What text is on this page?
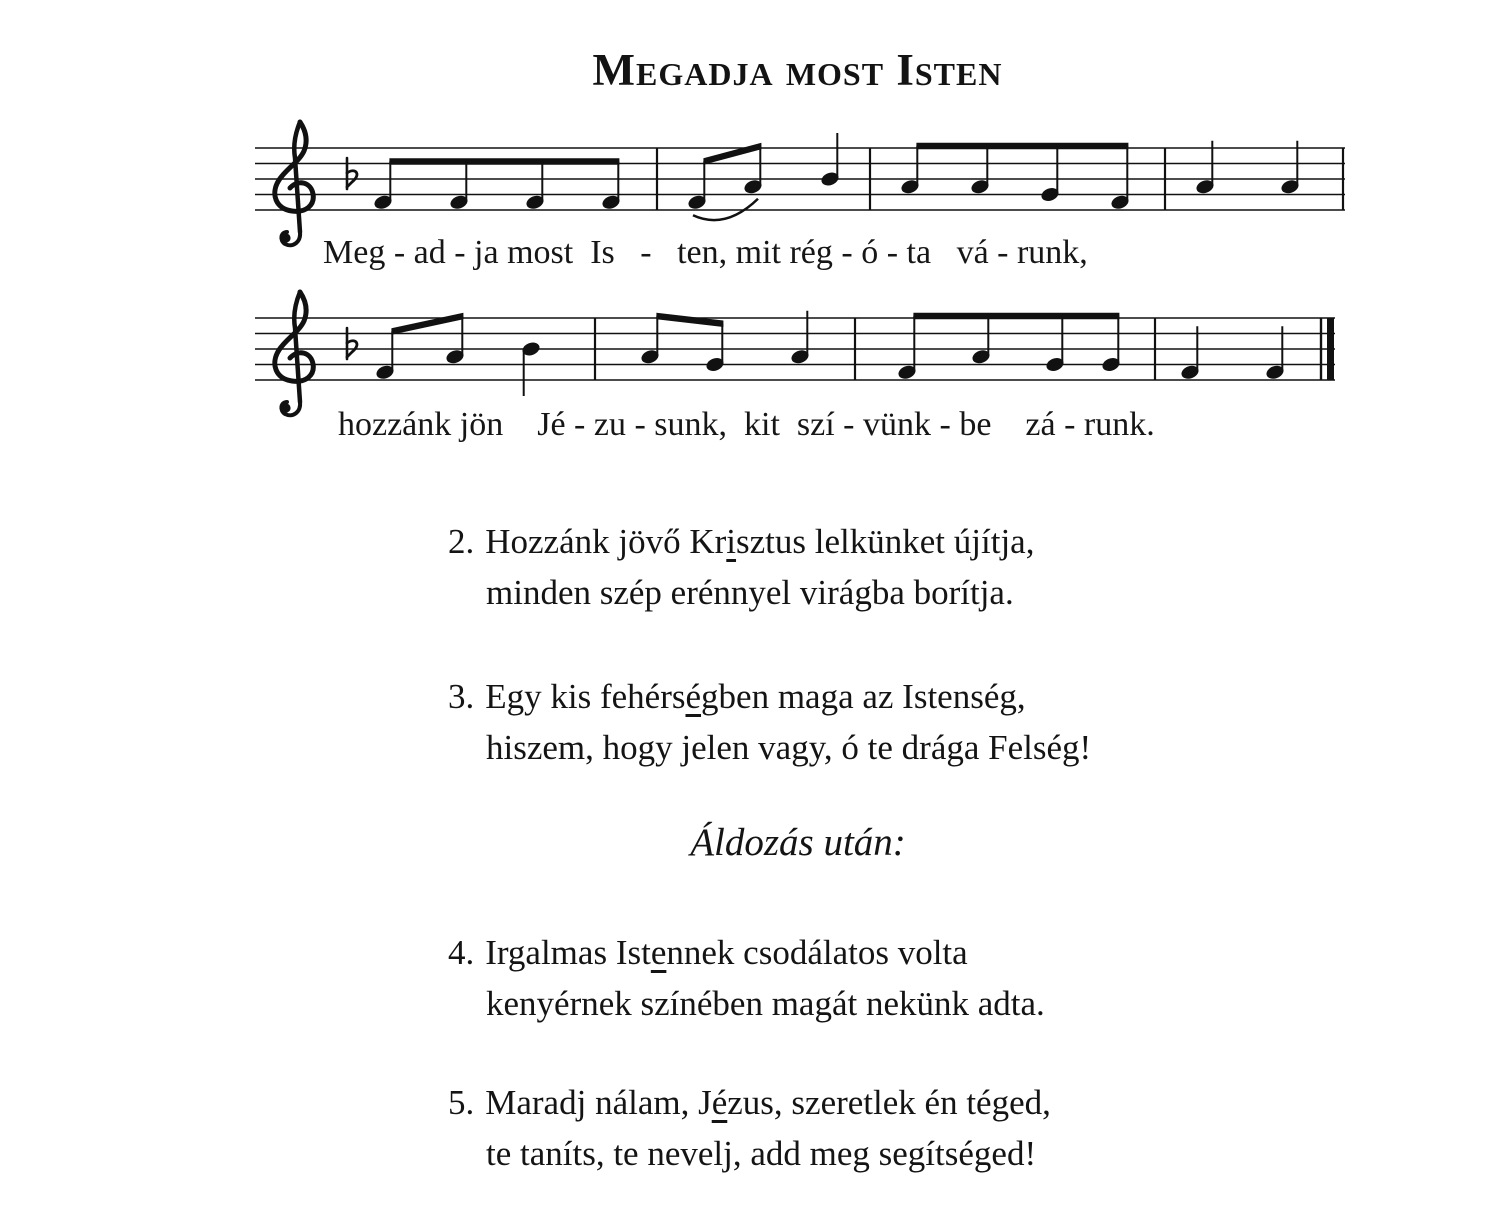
Megadja most Isten
Meg - ad - ja most  Is   -   ten, mit rég - ó - ta   vá - runk,
hozzánk jön    Jé - zu - sunk,  kit  szí - vünk - be    zá - runk.
2. Hozzánk jövő Krisztus lelkünket újítja,
minden szép erénnyel virágba borítja.
3. Egy kis fehérségben maga az Istenség,
hiszem, hogy jelen vagy, ó te drága Felség!
4. Irgalmas Istennek csodálatos volta
kenyérnek színében magát nekünk adta.
5. Maradj nálam, Jézus, szeretlek én téged,
te taníts, te nevelj, add meg segítséged!
Áldozás után:
